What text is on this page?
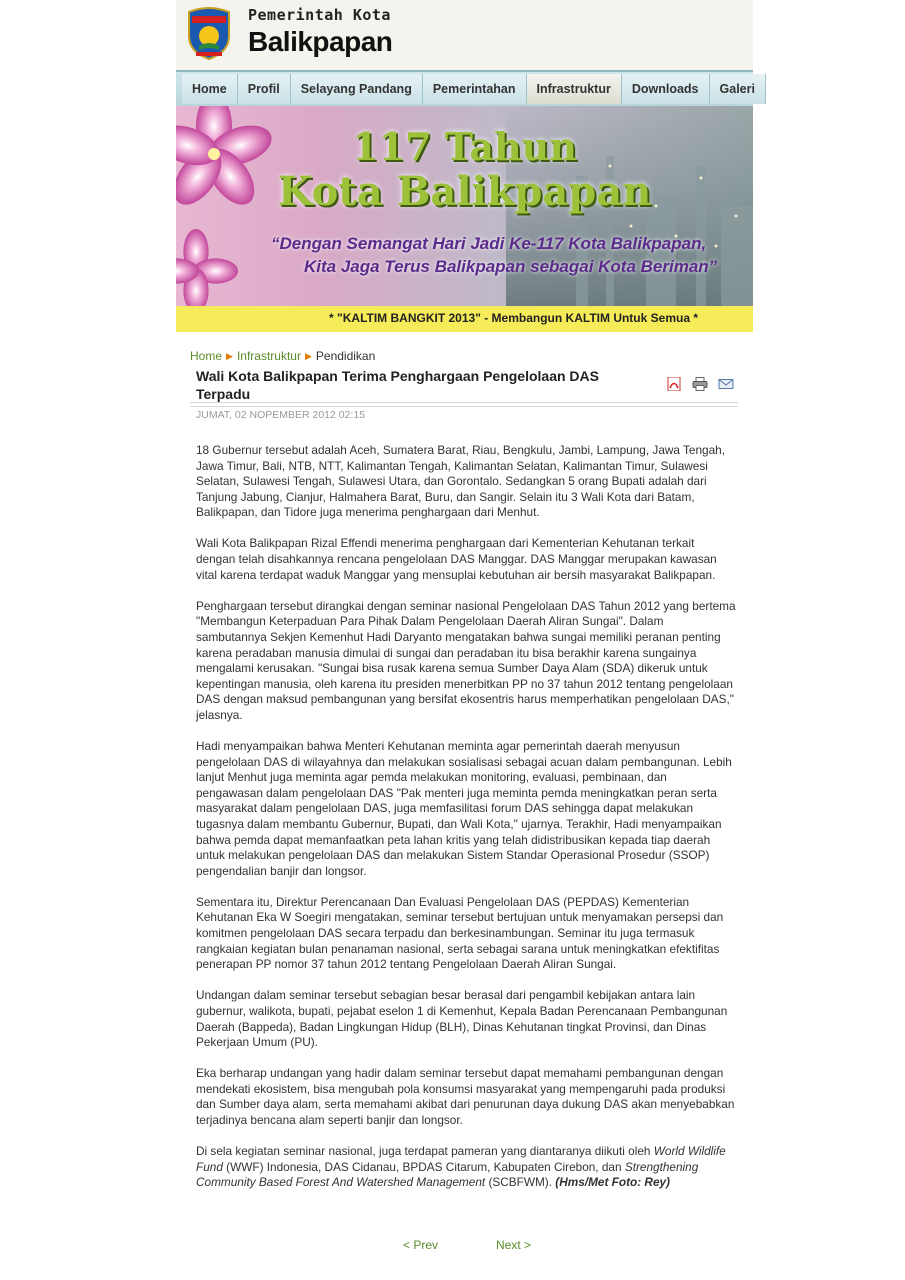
Pemerintah Kota
Balikpapan
Home	Profil	Selayang Pandang	Pemerintahan	Infrastruktur	Downloads	Galeri
117 Tahun
Kota Balikpapan
“Dengan Semangat Hari Jadi Ke-117 Kota Balikpapan,
Kita Jaga Terus Balikpapan sebagai Kota Beriman”
* "KALTIM BANGKIT 2013" - Membangun KALTIM Untuk Semua *
Home ▶ Infrastruktur ▶ Pendidikan
Wali Kota Balikpapan Terima Penghargaan Pengelolaan DAS Terpadu
JUMAT, 02 NOPEMBER 2012 02:15

18 Gubernur tersebut adalah Aceh, Sumatera Barat, Riau, Bengkulu, Jambi, Lampung, Jawa Tengah, Jawa Timur, Bali, NTB, NTT, Kalimantan Tengah, Kalimantan Selatan, Kalimantan Timur, Sulawesi Selatan, Sulawesi Tengah, Sulawesi Utara, dan Gorontalo. Sedangkan 5 orang Bupati adalah dari Tanjung Jabung, Cianjur, Halmahera Barat, Buru, dan Sangir. Selain itu 3 Wali Kota dari Batam, Balikpapan, dan Tidore juga menerima penghargaan dari Menhut.

Wali Kota Balikpapan Rizal Effendi menerima penghargaan dari Kementerian Kehutanan terkait dengan telah disahkannya rencana pengelolaan DAS Manggar. DAS Manggar merupakan kawasan vital karena terdapat waduk Manggar yang mensuplai kebutuhan air bersih masyarakat Balikpapan.

Penghargaan tersebut dirangkai dengan seminar nasional Pengelolaan DAS Tahun 2012 yang bertema "Membangun Keterpaduan Para Pihak Dalam Pengelolaan Daerah Aliran Sungai". Dalam sambutannya Sekjen Kemenhut Hadi Daryanto mengatakan bahwa sungai memiliki peranan penting karena peradaban manusia dimulai di sungai dan peradaban itu bisa berakhir karena sungainya mengalami kerusakan. "Sungai bisa rusak karena semua Sumber Daya Alam (SDA) dikeruk untuk kepentingan manusia, oleh karena itu presiden menerbitkan PP no 37 tahun 2012 tentang pengelolaan DAS dengan maksud pembangunan yang bersifat ekosentris harus memperhatikan pengelolaan DAS," jelasnya.

Hadi menyampaikan bahwa Menteri Kehutanan meminta agar pemerintah daerah menyusun pengelolaan DAS di wilayahnya dan melakukan sosialisasi sebagai acuan dalam pembangunan. Lebih lanjut Menhut juga meminta agar pemda melakukan monitoring, evaluasi, pembinaan, dan pengawasan dalam pengelolaan DAS "Pak menteri juga meminta pemda meningkatkan peran serta masyarakat dalam pengelolaan DAS, juga memfasilitasi forum DAS sehingga dapat melakukan tugasnya dalam membantu Gubernur, Bupati, dan Wali Kota," ujarnya. Terakhir, Hadi menyampaikan bahwa pemda dapat memanfaatkan peta lahan kritis yang telah didistribusikan kepada tiap daerah untuk melakukan pengelolaan DAS dan melakukan Sistem Standar Operasional Prosedur (SSOP) pengendalian banjir dan longsor.

Sementara itu, Direktur Perencanaan Dan Evaluasi Pengelolaan DAS (PEPDAS) Kementerian Kehutanan Eka W Soegiri mengatakan, seminar tersebut bertujuan untuk menyamakan persepsi dan komitmen pengelolaan DAS secara terpadu dan berkesinambungan. Seminar itu juga termasuk rangkaian kegiatan bulan penanaman nasional, serta sebagai sarana untuk meningkatkan efektifitas penerapan PP nomor 37 tahun 2012 tentang Pengelolaan Daerah Aliran Sungai.

Undangan dalam seminar tersebut sebagian besar berasal dari pengambil kebijakan antara lain gubernur, walikota, bupati, pejabat eselon 1 di Kemenhut, Kepala Badan Perencanaan Pembangunan Daerah (Bappeda), Badan Lingkungan Hidup (BLH), Dinas Kehutanan tingkat Provinsi, dan Dinas Pekerjaan Umum (PU).

Eka berharap undangan yang hadir dalam seminar tersebut dapat memahami pembangunan dengan mendekati ekosistem, bisa mengubah pola konsumsi masyarakat yang mempengaruhi pada produksi dan Sumber daya alam, serta memahami akibat dari penurunan daya dukung DAS akan menyebabkan terjadinya bencana alam seperti banjir dan longsor.

Di sela kegiatan seminar nasional, juga terdapat pameran yang diantaranya diikuti oleh World Wildlife Fund (WWF) Indonesia, DAS Cidanau, BPDAS Citarum, Kabupaten Cirebon, dan Strengthening Community Based Forest And Watershed Management (SCBFWM). (Hms/Met Foto: Rey)

< Prev	Next >
